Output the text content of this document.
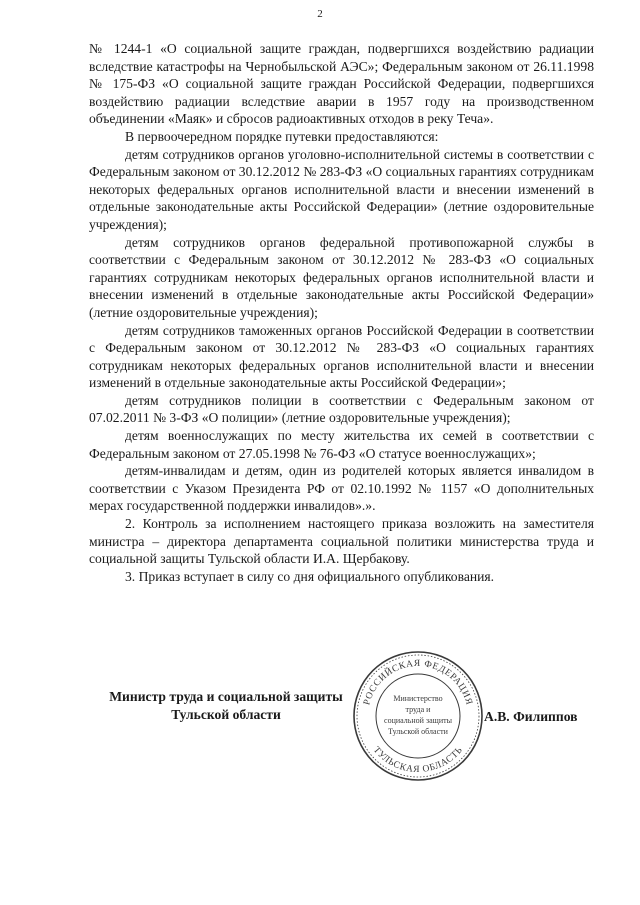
2

№ 1244-1 «О социальной защите граждан, подвергшихся воздействию радиации вследствие катастрофы на Чернобыльской АЭС»; Федеральным законом от 26.11.1998 № 175-ФЗ «О социальной защите граждан Российской Федерации, подвергшихся воздействию радиации вследствие аварии в 1957 году на производственном объединении «Маяк» и сбросов радиоактивных отходов в реку Теча».

В первоочередном порядке путевки предоставляются:

детям сотрудников органов уголовно-исполнительной системы в соответствии с Федеральным законом от 30.12.2012 № 283-ФЗ «О социальных гарантиях сотрудникам некоторых федеральных органов исполнительной власти и внесении изменений в отдельные законодательные акты Российской Федерации» (летние оздоровительные учреждения);

детям сотрудников органов федеральной противопожарной службы в соответствии с Федеральным законом от 30.12.2012 № 283-ФЗ «О социальных гарантиях сотрудникам некоторых федеральных органов исполнительной власти и внесении изменений в отдельные законодательные акты Российской Федерации» (летние оздоровительные учреждения);

детям сотрудников таможенных органов Российской Федерации в соответствии с Федеральным законом от 30.12.2012 № 283-ФЗ «О социальных гарантиях сотрудникам некоторых федеральных органов исполнительной власти и внесении изменений в отдельные законодательные акты Российской Федерации»;

детям сотрудников полиции в соответствии с Федеральным законом от 07.02.2011 № 3-ФЗ «О полиции» (летние оздоровительные учреждения);

детям военнослужащих по месту жительства их семей в соответствии с Федеральным законом от 27.05.1998 № 76-ФЗ «О статусе военнослужащих»;

детям-инвалидам и детям, один из родителей которых является инвалидом в соответствии с Указом Президента РФ от 02.10.1992 № 1157 «О дополнительных мерах государственной поддержки инвалидов».».

2. Контроль за исполнением настоящего приказа возложить на заместителя министра – директора департамента социальной политики министерства труда и социальной защиты Тульской области И.А. Щербакову.

3. Приказ вступает в силу со дня официального опубликования.

Министр труда и социальной защиты
Тульской области	А.В. Филиппов
РОССИЙСКАЯ ФЕДЕРАЦИЯ
ТУЛЬСКАЯ ОБЛАСТЬ
Министерство
труда и
социальной защиты
Тульской области
